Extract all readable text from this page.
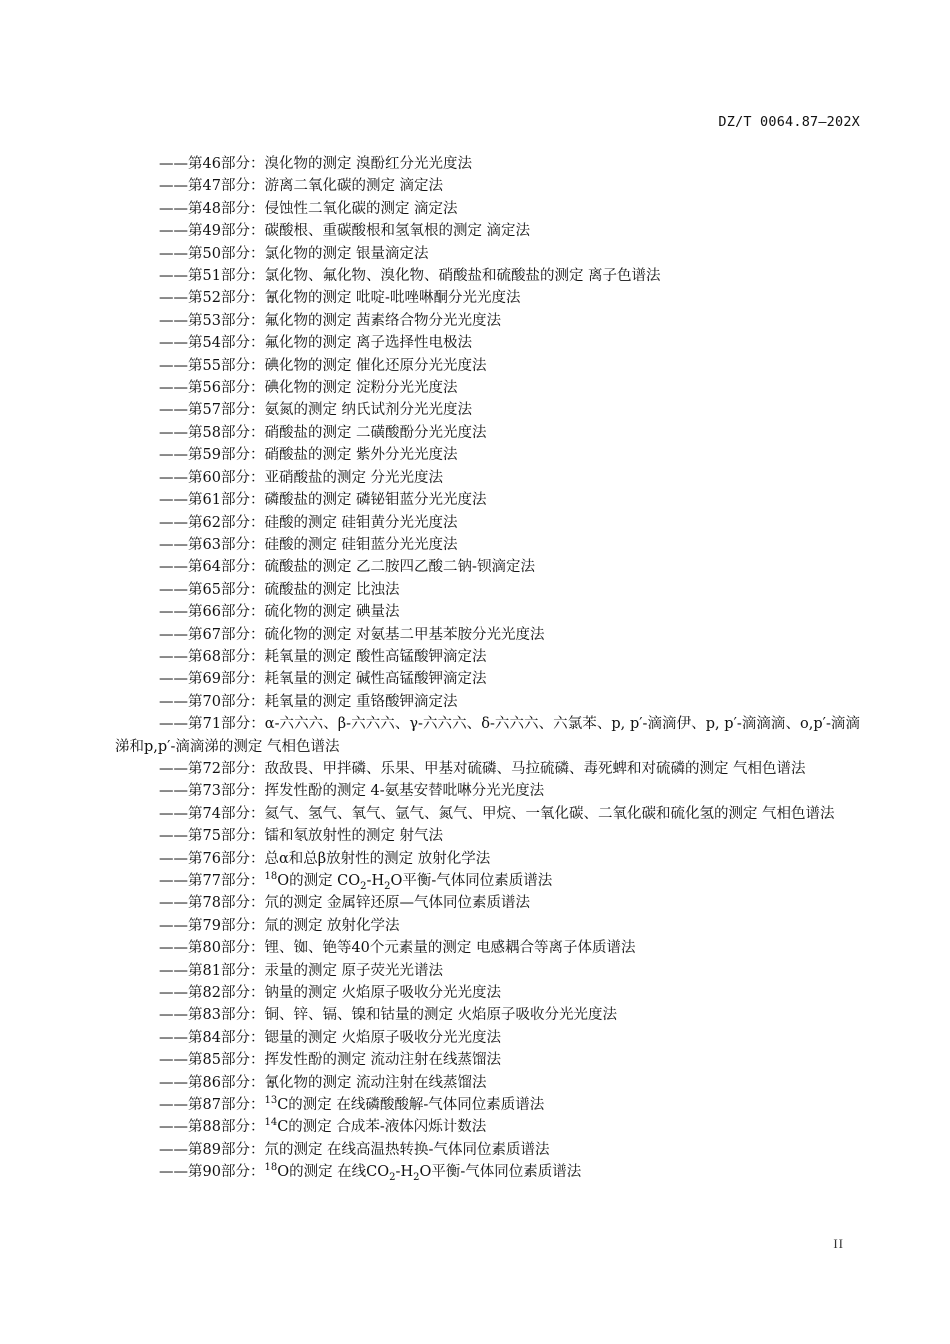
DZ/T 0064.87—202X
——第46部分：溴化物的测定 溴酚红分光光度法
——第47部分：游离二氧化碳的测定 滴定法
——第48部分：侵蚀性二氧化碳的测定 滴定法
——第49部分：碳酸根、重碳酸根和氢氧根的测定 滴定法
——第50部分：氯化物的测定 银量滴定法
——第51部分：氯化物、氟化物、溴化物、硝酸盐和硫酸盐的测定 离子色谱法
——第52部分：氰化物的测定 吡啶-吡唑啉酮分光光度法
——第53部分：氟化物的测定 茜素络合物分光光度法
——第54部分：氟化物的测定 离子选择性电极法
——第55部分：碘化物的测定 催化还原分光光度法
——第56部分：碘化物的测定 淀粉分光光度法
——第57部分：氨氮的测定 纳氏试剂分光光度法
——第58部分：硝酸盐的测定 二磺酸酚分光光度法
——第59部分：硝酸盐的测定 紫外分光光度法
——第60部分：亚硝酸盐的测定 分光光度法
——第61部分：磷酸盐的测定 磷铋钼蓝分光光度法
——第62部分：硅酸的测定 硅钼黄分光光度法
——第63部分：硅酸的测定 硅钼蓝分光光度法
——第64部分：硫酸盐的测定 乙二胺四乙酸二钠-钡滴定法
——第65部分：硫酸盐的测定 比浊法
——第66部分：硫化物的测定 碘量法
——第67部分：硫化物的测定 对氨基二甲基苯胺分光光度法
——第68部分：耗氧量的测定 酸性高锰酸钾滴定法
——第69部分：耗氧量的测定 碱性高锰酸钾滴定法
——第70部分：耗氧量的测定 重铬酸钾滴定法
——第71部分：α-六六六、β-六六六、γ-六六六、δ-六六六、六氯苯、p, p′-滴滴伊、p, p′-滴滴滴、o,p′-滴滴涕和p,p′-滴滴涕的测定 气相色谱法
——第72部分：敌敌畏、甲拌磷、乐果、甲基对硫磷、马拉硫磷、毒死蜱和对硫磷的测定 气相色谱法
——第73部分：挥发性酚的测定 4-氨基安替吡啉分光光度法
——第74部分：氦气、氢气、氧气、氩气、氮气、甲烷、一氧化碳、二氧化碳和硫化氢的测定 气相色谱法
——第75部分：镭和氡放射性的测定 射气法
——第76部分：总α和总β放射性的测定 放射化学法
——第77部分：$^{18}$O的测定 $CO_2-H_2O$平衡-气体同位素质谱法
——第78部分：氘的测定 金属锌还原—气体同位素质谱法
——第79部分：氚的测定 放射化学法
——第80部分：锂、铷、铯等40个元素量的测定 电感耦合等离子体质谱法
——第81部分：汞量的测定 原子荧光光谱法
——第82部分：钠量的测定 火焰原子吸收分光光度法
——第83部分：铜、锌、镉、镍和钴量的测定 火焰原子吸收分光光度法
——第84部分：锶量的测定 火焰原子吸收分光光度法
——第85部分：挥发性酚的测定 流动注射在线蒸馏法
——第86部分：氰化物的测定 流动注射在线蒸馏法
——第87部分：$^{13}$C的测定 在线磷酸酸解-气体同位素质谱法
——第88部分：$^{14}$C的测定 合成苯-液体闪烁计数法
——第89部分：氘的测定 在线高温热转换-气体同位素质谱法
——第90部分：$^{18}$O的测定 在线$CO_2-H_2O$平衡-气体同位素质谱法
II
